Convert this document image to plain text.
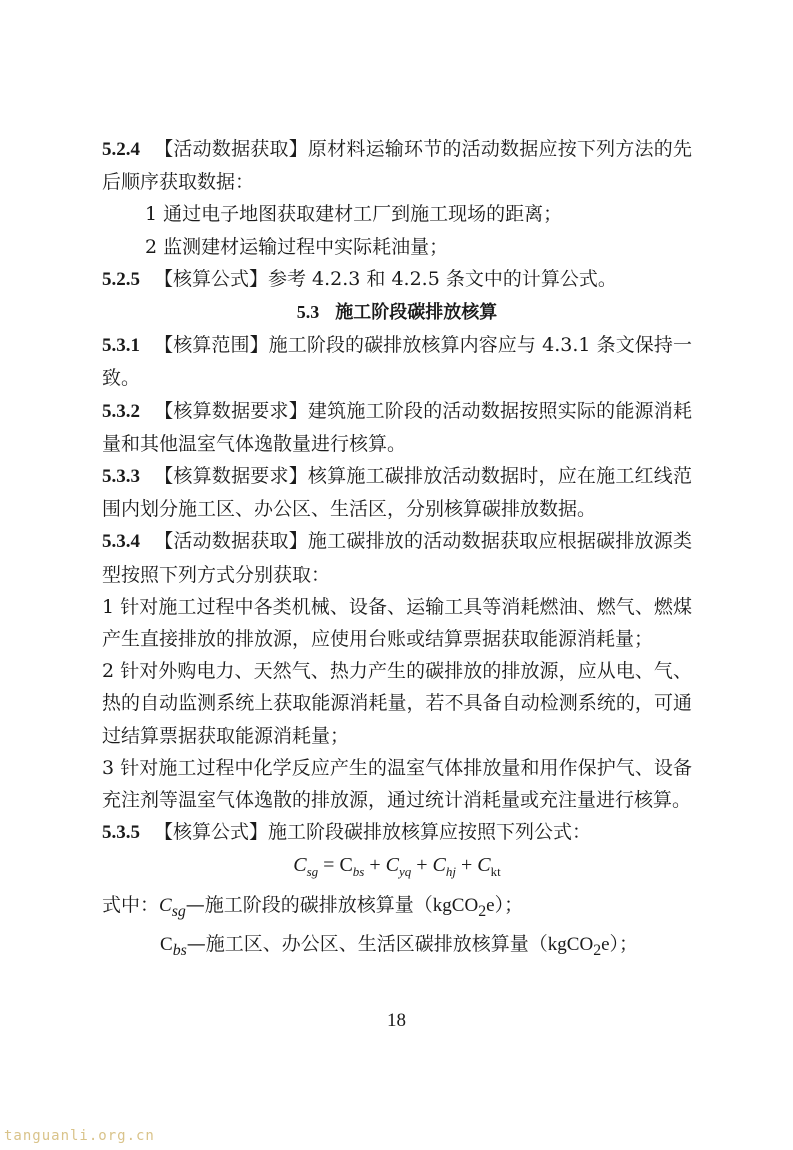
5.2.4 【活动数据获取】原材料运输环节的活动数据应按下列方法的先后顺序获取数据：

1 通过电子地图获取建材工厂到施工现场的距离；

2 监测建材运输过程中实际耗油量；

5.2.5 【核算公式】参考 4.2.3 和 4.2.5 条文中的计算公式。

5.3 施工阶段碳排放核算

5.3.1 【核算范围】施工阶段的碳排放核算内容应与 4.3.1 条文保持一致。

5.3.2 【核算数据要求】建筑施工阶段的活动数据按照实际的能源消耗量和其他温室气体逸散量进行核算。

5.3.3 【核算数据要求】核算施工碳排放活动数据时，应在施工红线范围内划分施工区、办公区、生活区，分别核算碳排放数据。

5.3.4 【活动数据获取】施工碳排放的活动数据获取应根据碳排放源类型按照下列方式分别获取：

1 针对施工过程中各类机械、设备、运输工具等消耗燃油、燃气、燃煤产生直接排放的排放源，应使用台账或结算票据获取能源消耗量；

2 针对外购电力、天然气、热力产生的碳排放的排放源，应从电、气、热的自动监测系统上获取能源消耗量，若不具备自动检测系统的，可通过结算票据获取能源消耗量；

3 针对施工过程中化学反应产生的温室气体排放量和用作保护气、设备充注剂等温室气体逸散的排放源，通过统计消耗量或充注量进行核算。

5.3.5 【核算公式】施工阶段碳排放核算应按照下列公式：

$C_{sg} = C_{bs} + C_{yq} + C_{hj} + C_{kt}$

式中：$C_{sg}—$施工阶段的碳排放核算量（kgCO$_2$e）；

$C_{bs}—$施工区、办公区、生活区碳排放核算量（kgCO$_2$e）；

18
tanguanli.org.cn
